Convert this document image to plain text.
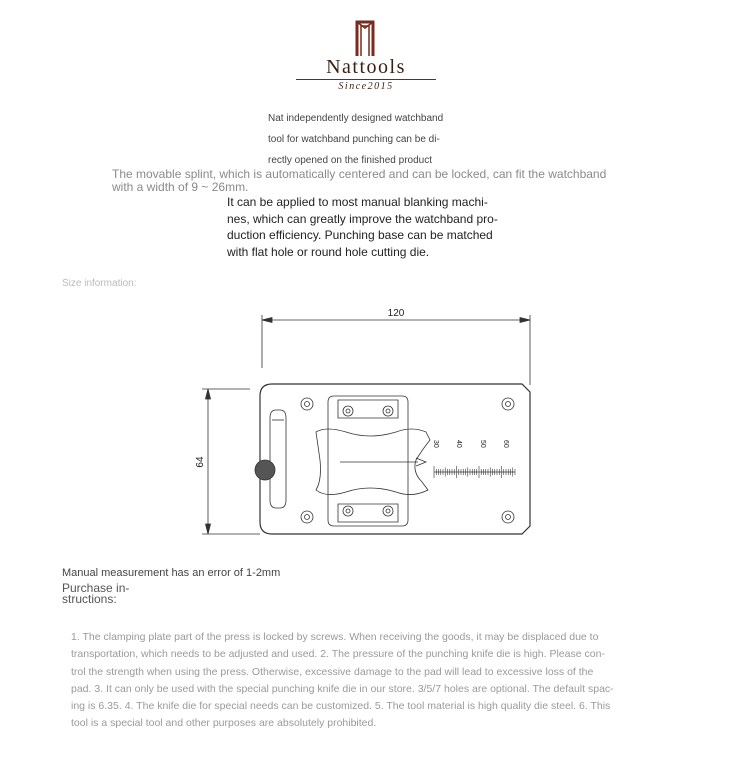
Nattools
Since2015
Nat independently designed watchband
tool for watchband punching can be di-
rectly opened on the finished product
The movable splint, which is automatically centered and can be locked, can fit the watchband with a width of 9 ~ 26mm.
It can be applied to most manual blanking machi-
nes, which can greatly improve the watchband pro-
duction efficiency. Punching base can be matched
with flat hole or round hole cutting die.
Size information:
120
64
30 40 50 60
Manual measurement has an error of 1-2mm
Purchase in-
structions:
1. The clamping plate part of the press is locked by screws. When receiving the goods, it may be displaced due to
transportation, which needs to be adjusted and used. 2. The pressure of the punching knife die is high. Please con-
trol the strength when using the press. Otherwise, excessive damage to the pad will lead to excessive loss of the
pad. 3. It can only be used with the special punching knife die in our store. 3/5/7 holes are optional. The default spac-
ing is 6.35. 4. The knife die for special needs can be customized. 5. The tool material is high quality die steel. 6. This
tool is a special tool and other purposes are absolutely prohibited.
